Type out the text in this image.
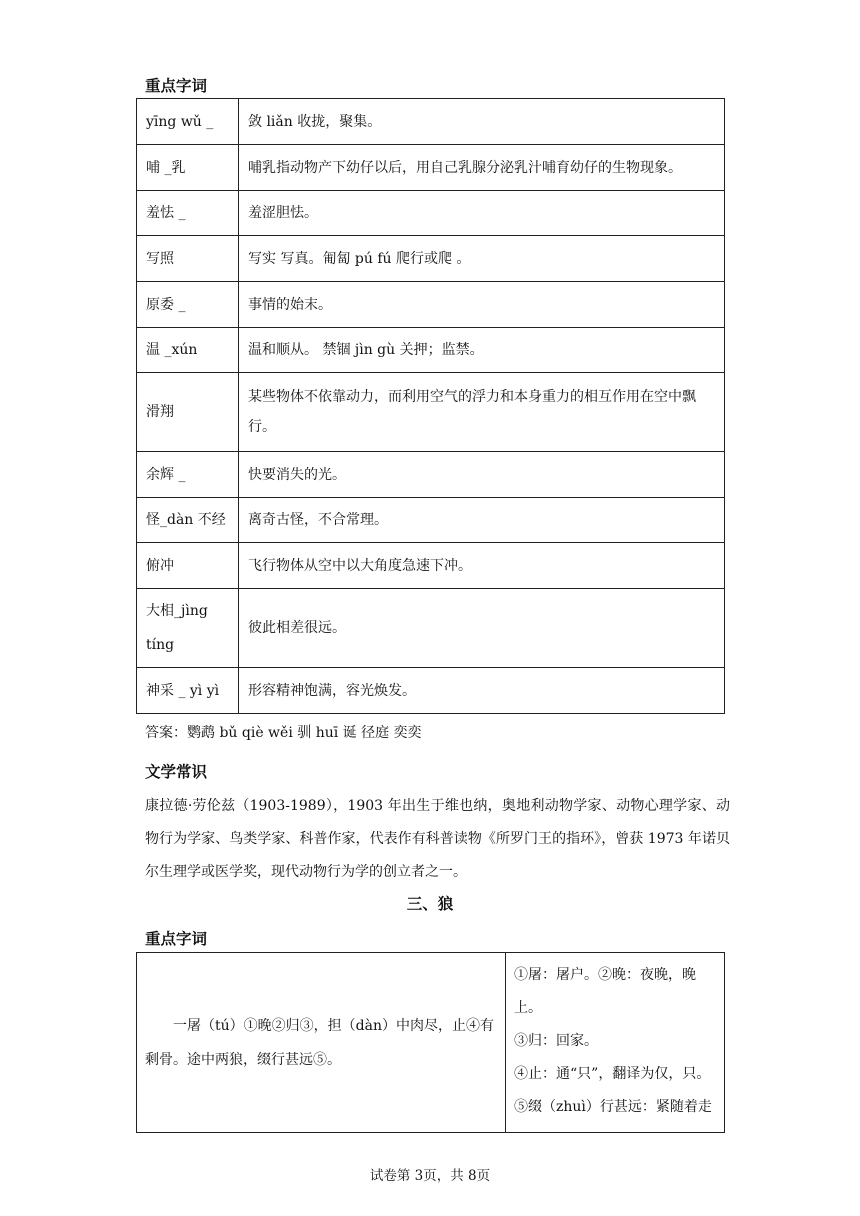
重点字词
yīng wǔ _	敛 liǎn 收拢，聚集。
哺 _乳	哺乳指动物产下幼仔以后，用自己乳腺分泌乳汁哺育幼仔的生物现象。
羞怯 _	羞涩胆怯。
写照	写实 写真。匍匐 pú fú 爬行或爬 。
原委 _	事情的始末。
温 _xún	温和顺从。 禁锢 jìn gù 关押；监禁。
滑翔	某些物体不依靠动力，而利用空气的浮力和本身重力的相互作用在空中飘行。
余辉 _	快要消失的光。
怪_dàn 不经	离奇古怪，不合常理。
俯冲	飞行物体从空中以大角度急速下冲。
大相_jìng tíng	彼此相差很远。
神采 _ yì yì	形容精神饱满，容光焕发。
答案：鹦鹉 bǔ qiè wěi 驯 huī 诞 径庭 奕奕
文学常识
康拉德·劳伦兹（1903-1989），1903 年出生于维也纳，奥地利动物学家、动物心理学家、动物行为学家、鸟类学家、科普作家，代表作有科普读物《所罗门王的指环》，曾获 1973 年诺贝尔生理学或医学奖，现代动物行为学的创立者之一。
三、狼
重点字词
一屠（tú）①晚②归③，担（dàn）中肉尽，止④有剩骨。途中两狼，缀行甚远⑤。

①屠：屠户。②晚：夜晚，晚上。
③归：回家。
④止：通“只”，翻译为仅，只。
⑤缀（zhuì）行甚远：紧随着走
试卷第 3页，共 8页
